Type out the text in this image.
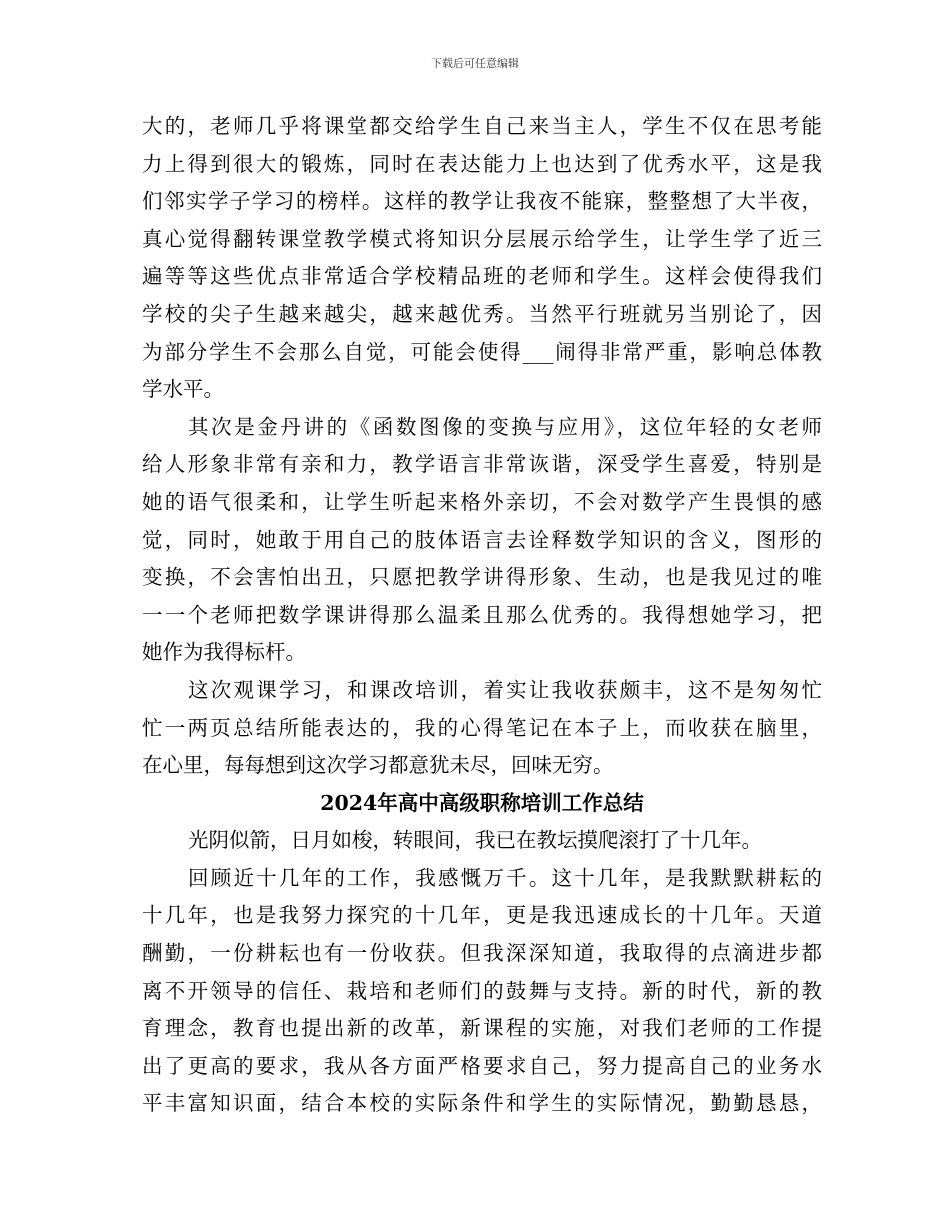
下载后可任意编辑
大的，老师几乎将课堂都交给学生自己来当主人，学生不仅在思考能
力上得到很大的锻炼，同时在表达能力上也达到了优秀水平，这是我
们邻实学子学习的榜样。这样的教学让我夜不能寐，整整想了大半夜，
真心觉得翻转课堂教学模式将知识分层展示给学生，让学生学了近三
遍等等这些优点非常适合学校精品班的老师和学生。这样会使得我们
学校的尖子生越来越尖，越来越优秀。当然平行班就另当别论了，因
为部分学生不会那么自觉，可能会使得___闹得非常严重，影响总体教
学水平。
其次是金丹讲的《函数图像的变换与应用》，这位年轻的女老师
给人形象非常有亲和力，教学语言非常诙谐，深受学生喜爱，特别是
她的语气很柔和，让学生听起来格外亲切，不会对数学产生畏惧的感
觉，同时，她敢于用自己的肢体语言去诠释数学知识的含义，图形的
变换，不会害怕出丑，只愿把教学讲得形象、生动，也是我见过的唯
一一个老师把数学课讲得那么温柔且那么优秀的。我得想她学习，把
她作为我得标杆。
这次观课学习，和课改培训，着实让我收获颇丰，这不是匆匆忙
忙一两页总结所能表达的，我的心得笔记在本子上，而收获在脑里，
在心里，每每想到这次学习都意犹未尽，回味无穷。
2024年高中高级职称培训工作总结
光阴似箭，日月如梭，转眼间，我已在教坛摸爬滚打了十几年。
回顾近十几年的工作，我感慨万千。这十几年，是我默默耕耘的
十几年，也是我努力探究的十几年，更是我迅速成长的十几年。天道
酬勤，一份耕耘也有一份收获。但我深深知道，我取得的点滴进步都
离不开领导的信任、栽培和老师们的鼓舞与支持。新的时代，新的教
育理念，教育也提出新的改革，新课程的实施，对我们老师的工作提
出了更高的要求，我从各方面严格要求自己，努力提高自己的业务水
平丰富知识面，结合本校的实际条件和学生的实际情况，勤勤恳恳，
